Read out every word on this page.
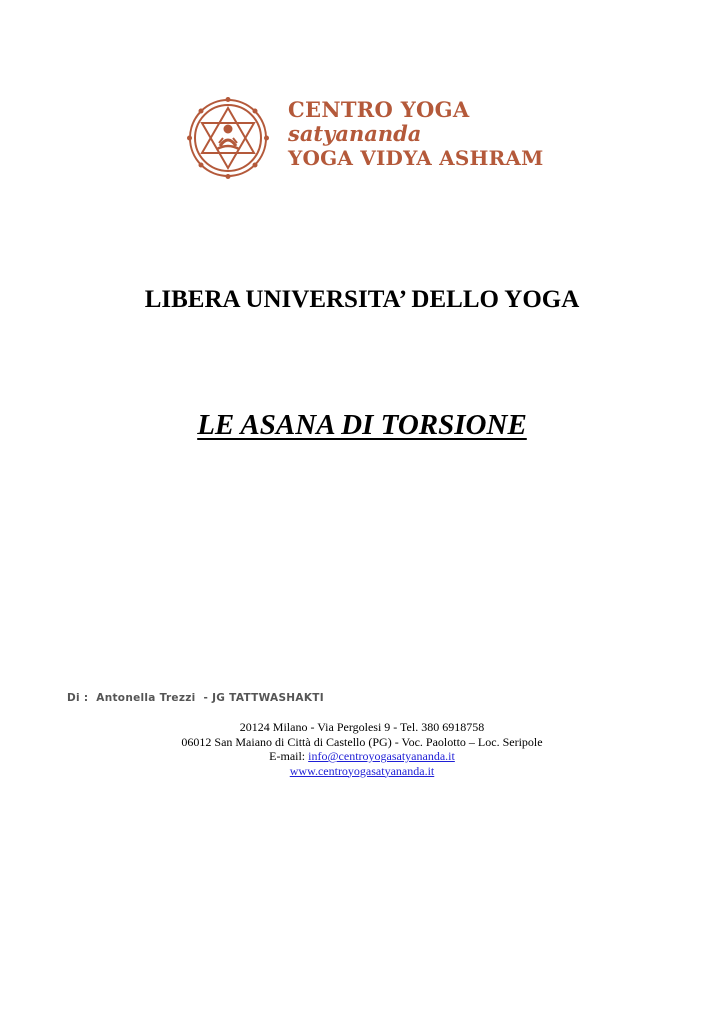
CENTRO YOGA
satyananda
YOGA VIDYA ASHRAM
LIBERA UNIVERSITA’ DELLO YOGA
LE ASANA DI TORSIONE
Di :  Antonella Trezzi  - JG TATTWASHAKTI
20124 Milano - Via Pergolesi 9 - Tel. 380 6918758
06012 San Maiano di Città di Castello (PG) - Voc. Paolotto – Loc. Seripole
E-mail: info@centroyogasatyananda.it
www.centroyogasatyananda.it
